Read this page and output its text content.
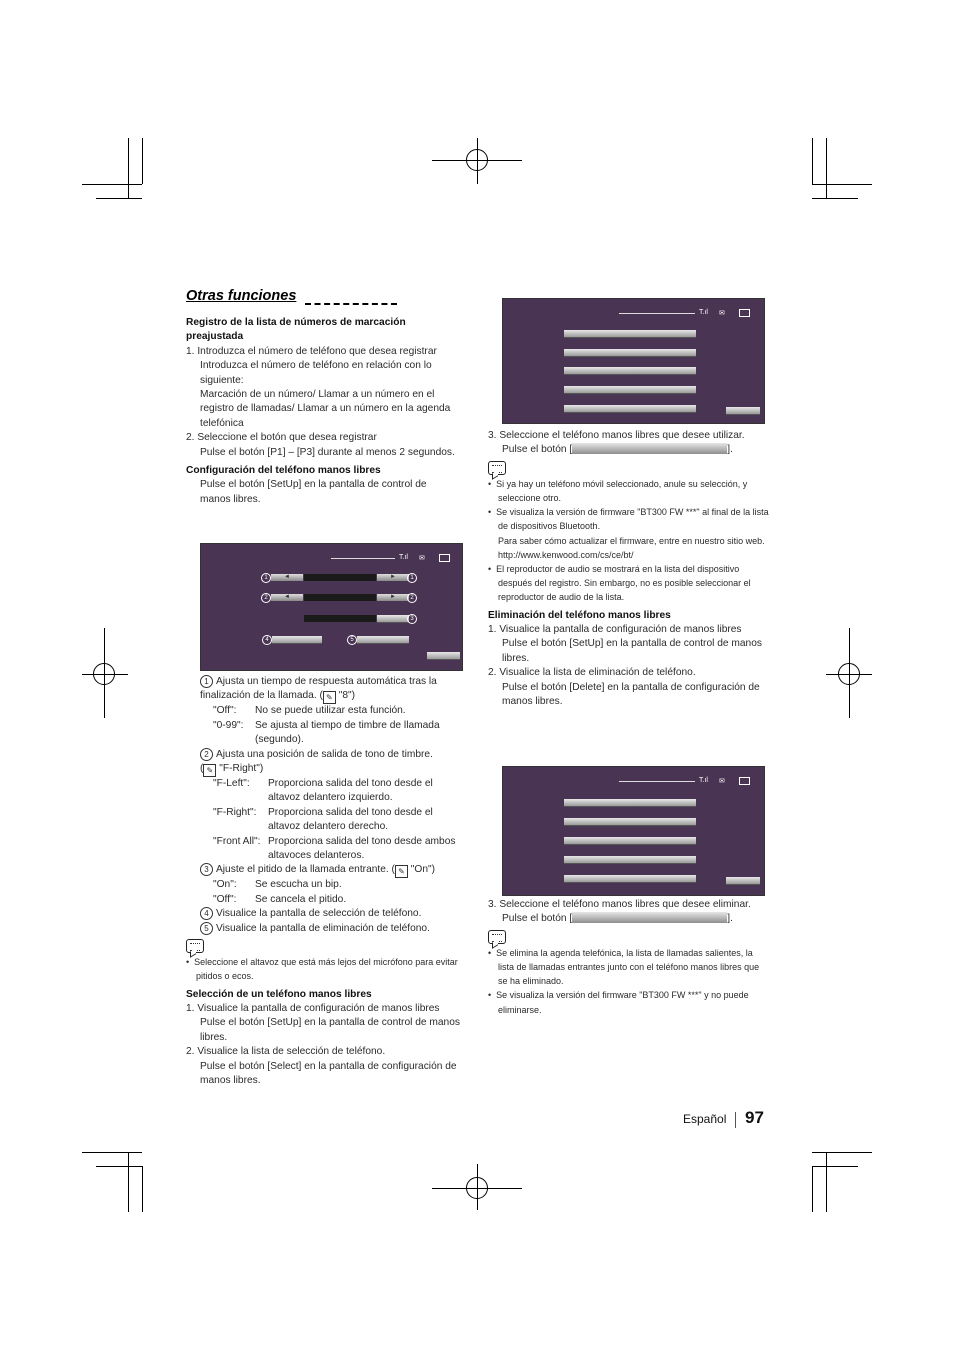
Otras funciones

Registro de la lista de números de marcación preajustada

1. Introduzca el número de teléfono que desea registrar

Introduzca el número de teléfono en relación con lo siguiente:

Marcación de un número/ Llamar a un número en el registro de llamadas/ Llamar a un número en la agenda telefónica

2. Seleccione el botón que desea registrar

Pulse el botón [P1] – [P3] durante al menos 2 segundos.

Configuración del teléfono manos libres

Pulse el botón [SetUp] en la pantalla de control de manos libres.

T.ıl ✉
1	◄	►	1
2	◄	►	2
3
4	5

1 Ajusta un tiempo de respuesta automática tras la finalización de la llamada. ( ✎ "8")

"Off":	No se puede utilizar esta función.
"0-99":	Se ajusta al tiempo de timbre de llamada (segundo).

2 Ajusta una posición de salida de tono de timbre.
( ✎ "F-Right")

"F-Left":	Proporciona salida del tono desde el altavoz delantero izquierdo.
"F-Right":	Proporciona salida del tono desde el altavoz delantero derecho.
"Front All": Proporciona salida del tono desde ambos altavoces delanteros.

3 Ajuste el pitido de la llamada entrante. ( ✎ "On")

"On":	Se escucha un bip.
"Off":	Se cancela el pitido.

4 Visualice la pantalla de selección de teléfono.

5 Visualice la pantalla de eliminación de teléfono.

•  Seleccione el altavoz que está más lejos del micrófono para evitar pitidos o ecos.

Selección de un teléfono manos libres

1. Visualice la pantalla de configuración de manos libres

Pulse el botón [SetUp] en la pantalla de control de manos libres.

2. Visualice la lista de selección de teléfono.

Pulse el botón [Select] en la pantalla de configuración de manos libres.

T.ıl ✉

3. Seleccione el teléfono manos libres que desee utilizar.

Pulse el botón [	].

•  Si ya hay un teléfono móvil seleccionado, anule su selección, y seleccione otro.

•  Se visualiza la versión de firmware "BT300 FW ***" al final de la lista de dispositivos Bluetooth.

Para saber cómo actualizar el firmware, entre en nuestro sitio web.

http://www.kenwood.com/cs/ce/bt/

•  El reproductor de audio se mostrará en la lista del dispositivo después del registro. Sin embargo, no es posible seleccionar el reproductor de audio de la lista.

Eliminación del teléfono manos libres

1. Visualice la pantalla de configuración de manos libres

Pulse el botón [SetUp] en la pantalla de control de manos libres.

2. Visualice la lista de eliminación de teléfono.

Pulse el botón [Delete] en la pantalla de configuración de manos libres.

T.ıl ✉

3. Seleccione el teléfono manos libres que desee eliminar.

Pulse el botón [	].

•  Se elimina la agenda telefónica, la lista de llamadas salientes, la lista de llamadas entrantes junto con el teléfono manos libres que se ha eliminado.

•  Se visualiza la versión del firmware "BT300 FW ***" y no puede eliminarse.

Español 97
